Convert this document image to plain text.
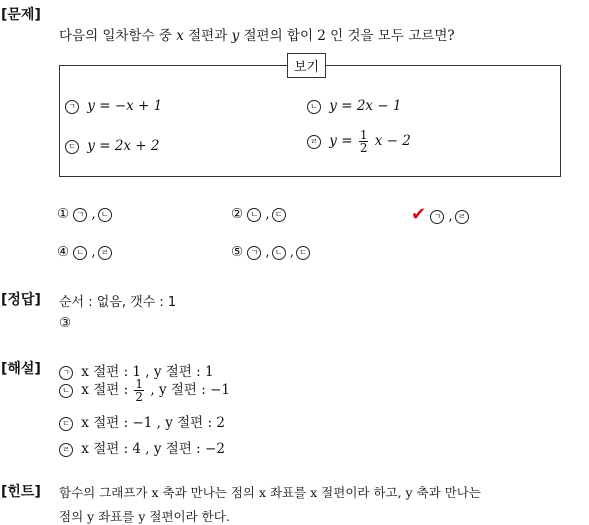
[문제]
다음의 일차함수 중 x 절편과 y 절편의 합이 2 인 것을 모두 고르면?
보기
ㄱ y = −x + 1	ㄴ y = 2x − 1
ㄷ y = 2x + 2	ㄹ $y = \frac{1}{2}$ x − 2
① ㄱ , ㄴ	② ㄴ , ㄷ	✔ ㄱ , ㄹ
④ ㄴ , ㄹ	⑤ ㄱ , ㄴ , ㄷ
[정답] 순서 : 없음, 갯수 : 1
③
[해설]	ㄱ x 절편 : 1 , y 절편 : 1
ㄴ x 절편 : $\frac{1}{2}$ , y 절편 : −1
ㄷ x 절편 : −1 , y 절편 : 2
ㄹ x 절편 : 4 , y 절편 : −2
[힌트] 함수의 그래프가 x 축과 만나는 점의 x 좌표를 x 절편이라 하고, y 축과 만나는
점의 y 좌표를 y 절편이라 한다.
